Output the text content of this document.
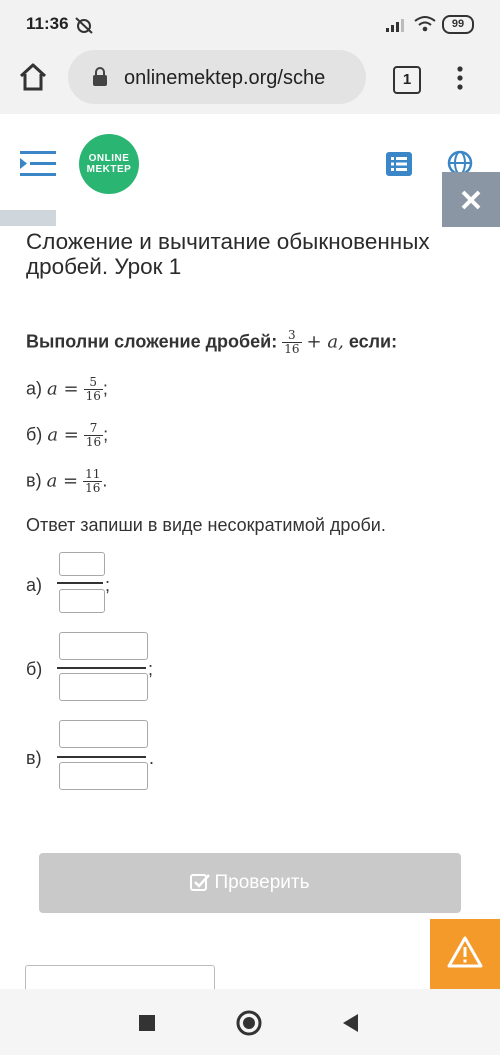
11:36	99
onlinemektep.org/sche	1
ONLINE
MEKTEP
Сложение и вычитание обыкновенных дробей. Урок 1
Выполни сложение дробей: $\frac{3}{16} + a$, если:
а) $a = \frac{5}{16}$ ;
б) $a = \frac{7}{16}$ ;
в) $a = \frac{11}{16}$ .
Ответ запиши в виде несократимой дроби.
а)	;
б)	;
в)	.
Проверить
